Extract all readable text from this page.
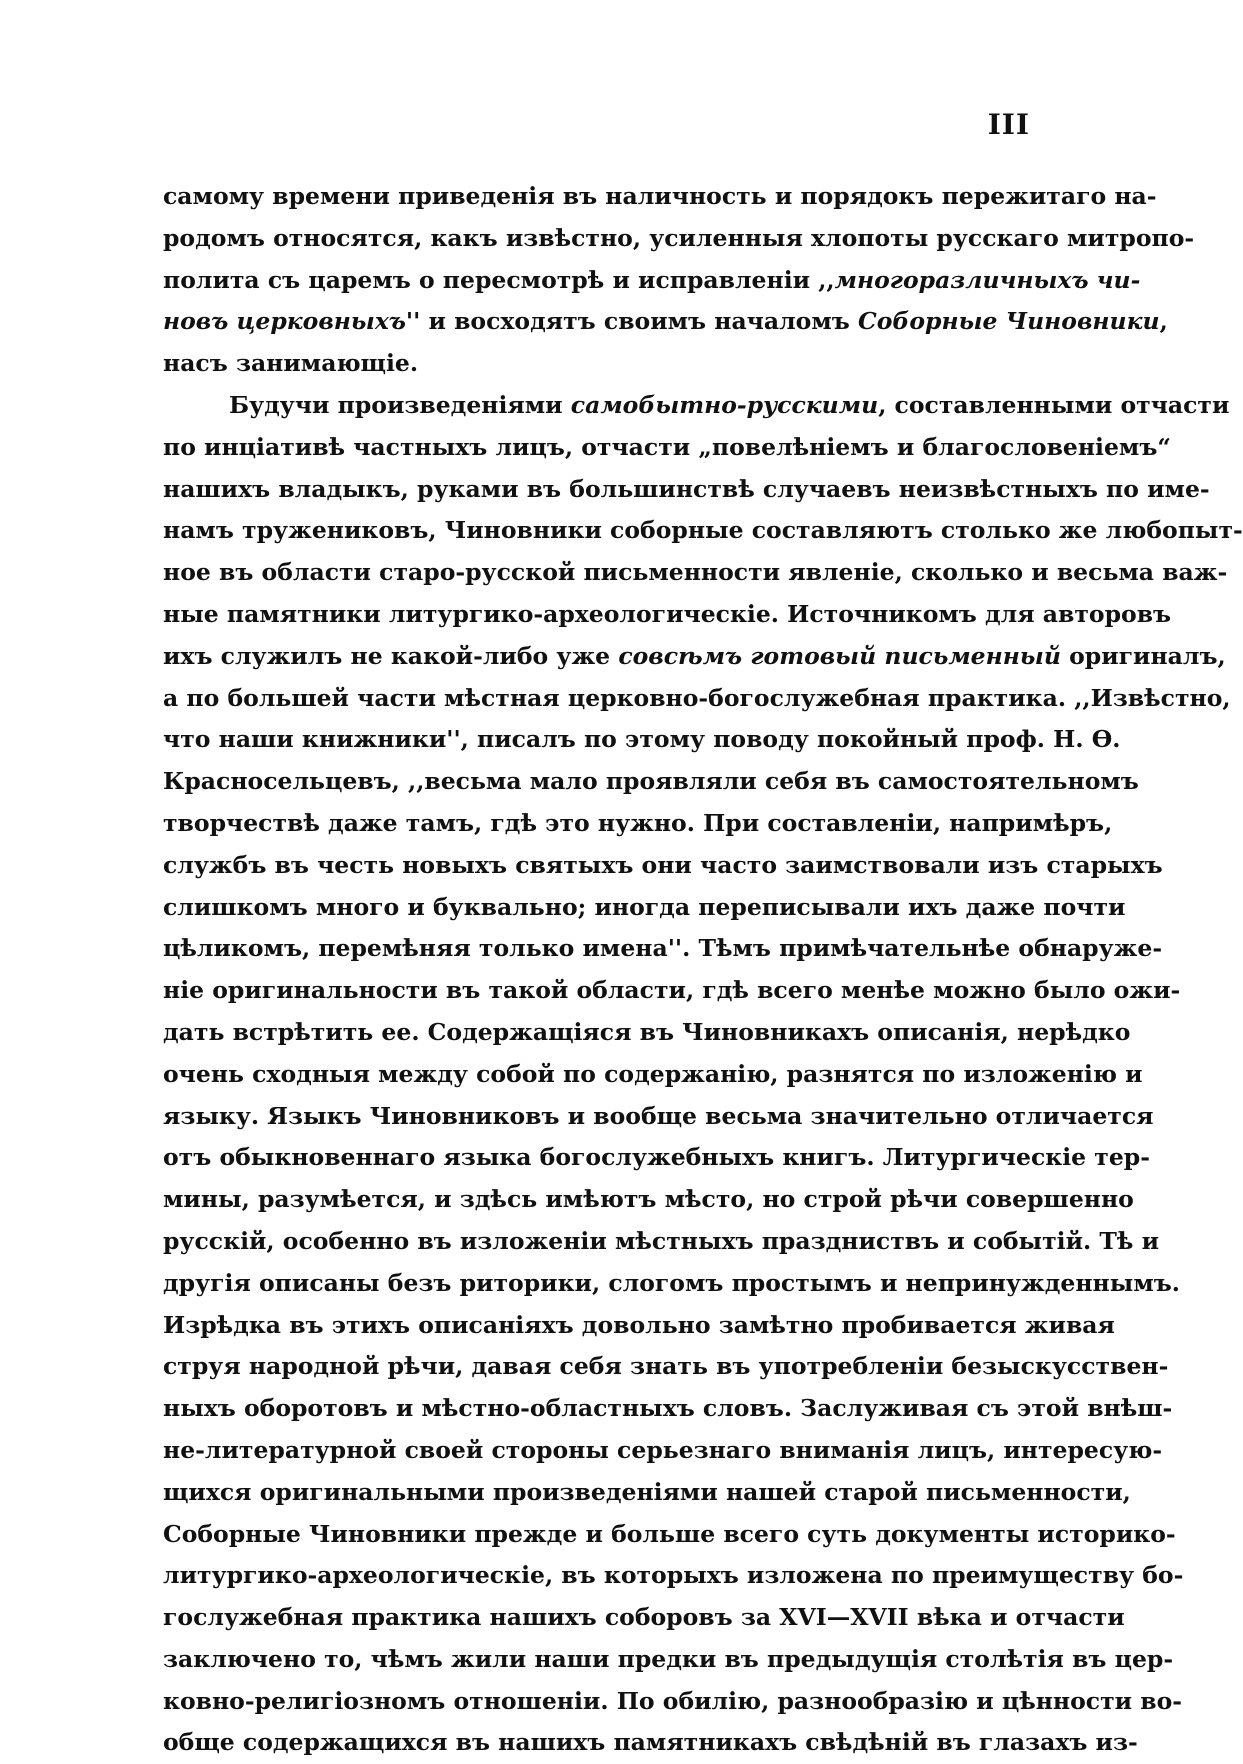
III
самому времени приведенія въ наличность и порядокъ пережитаго на-
родомъ относятся, какъ извѣстно, усиленныя хлопоты русскаго митропо-
полита съ царемъ о пересмотрѣ и исправленіи ,,многоразличныхъ чи-
новъ церковныхъ'' и восходятъ своимъ началомъ Соборные Чиновники,
насъ занимающіе.
Будучи произведеніями самобытно-русскими, составленными отчасти
по инціативѣ частныхъ лицъ, отчасти „повелѣніемъ и благословеніемъ“
нашихъ владыкъ, руками въ большинствѣ случаевъ неизвѣстныхъ по име-
намъ тружениковъ, Чиновники соборные составляютъ столько же любопыт-
ное въ области старо-русской письменности явленіе, сколько и весьма важ-
ные памятники литургико-археологическіе. Источникомъ для авторовъ
ихъ служилъ не какой-либо уже совсѣмъ готовый письменный оригиналъ,
а по большей части мѣстная церковно-богослужебная практика. ,,Извѣстно,
что наши книжники'', писалъ по этому поводу покойный проф. Н. Ѳ.
Красносельцевъ, ,,весьма мало проявляли себя въ самостоятельномъ
творчествѣ даже тамъ, гдѣ это нужно. При составленіи, напримѣръ,
службъ въ честь новыхъ святыхъ они часто заимствовали изъ старыхъ
слишкомъ много и буквально; иногда переписывали ихъ даже почти
цѣликомъ, перемѣняя только имена''. Тѣмъ примѣчательнѣе обнаруже-
ніе оригинальности въ такой области, гдѣ всего менѣе можно было ожи-
дать встрѣтить ее. Содержащіяся въ Чиновникахъ описанія, нерѣдко
очень сходныя между собой по содержанію, разнятся по изложенію и
языку. Языкъ Чиновниковъ и вообще весьма значительно отличается
отъ обыкновеннаго языка богослужебныхъ книгъ. Литургическіе тер-
мины, разумѣется, и здѣсь имѣютъ мѣсто, но строй рѣчи совершенно
русскій, особенно въ изложеніи мѣстныхъ праздниствъ и событій. Тѣ и
другія описаны безъ риторики, слогомъ простымъ и непринужденнымъ.
Изрѣдка въ этихъ описаніяхъ довольно замѣтно пробивается живая
струя народной рѣчи, давая себя знать въ употребленіи безыскусствен-
ныхъ оборотовъ и мѣстно-областныхъ словъ. Заслуживая съ этой внѣш-
не-литературной своей стороны серьезнаго вниманія лицъ, интересую-
щихся оригинальными произведеніями нашей старой письменности,
Соборные Чиновники прежде и больше всего суть документы историко-
литургико-археологическіе, въ которыхъ изложена по преимуществу бо-
гослужебная практика нашихъ соборовъ за XVI—XVII вѣка и отчасти
заключено то, чѣмъ жили наши предки въ предыдущія столѣтія въ цер-
ковно-религіозномъ отношеніи. По обилію, разнообразію и цѣнности во-
обще содержащихся въ нашихъ памятникахъ свѣдѣній въ глазахъ из-
